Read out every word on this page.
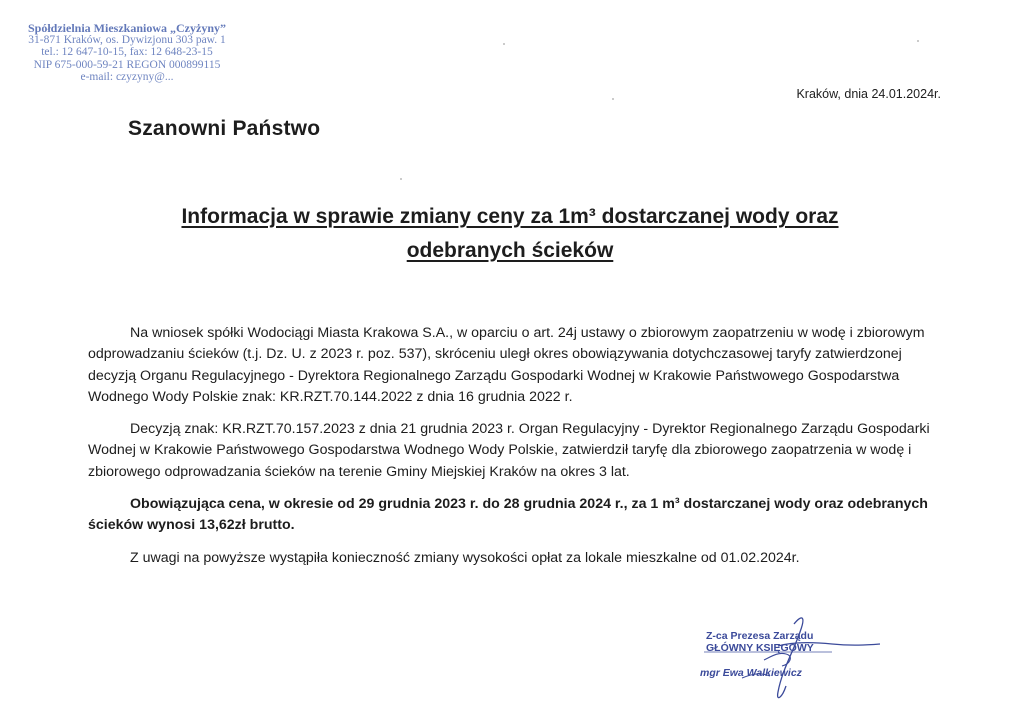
Spółdzielnia Mieszkaniowa „Czyżyny”
31-871 Kraków, os. Dywizjonu 303 paw. 1
tel.: 12 647-10-15, fax: 12 648-23-15
NIP 675-000-59-21 REGON 000899115
e-mail: czyzyny@...
Kraków, dnia 24.01.2024r.
Szanowni Państwo
Informacja w sprawie zmiany ceny za 1m³ dostarczanej wody oraz
odebranych ścieków

Na wniosek spółki Wodociągi Miasta Krakowa S.A., w oparciu o art. 24j ustawy o zbiorowym zaopatrzeniu w wodę i zbiorowym odprowadzaniu ścieków (t.j. Dz. U. z 2023 r. poz. 537), skróceniu uległ okres obowiązywania dotychczasowej taryfy zatwierdzonej decyzją Organu Regulacyjnego - Dyrektora Regionalnego Zarządu Gospodarki Wodnej w Krakowie Państwowego Gospodarstwa Wodnego Wody Polskie znak: KR.RZT.70.144.2022 z dnia 16 grudnia 2022 r.

Decyzją znak: KR.RZT.70.157.2023 z dnia 21 grudnia 2023 r. Organ Regulacyjny - Dyrektor Regionalnego Zarządu Gospodarki Wodnej w Krakowie Państwowego Gospodarstwa Wodnego Wody Polskie, zatwierdził taryfę dla zbiorowego zaopatrzenia w wodę i zbiorowego odprowadzania ścieków na terenie Gminy Miejskiej Kraków na okres 3 lat.

Obowiązująca cena, w okresie od 29 grudnia 2023 r. do 28 grudnia 2024 r., za 1 m³ dostarczanej wody oraz odebranych ścieków wynosi 13,62zł brutto.

Z uwagi na powyższe wystąpiła konieczność zmiany wysokości opłat za lokale mieszkalne od 01.02.2024r.

Z-ca Prezesa Zarządu
GŁÓWNY KSIĘGOWY
mgr Ewa Walkiewicz
